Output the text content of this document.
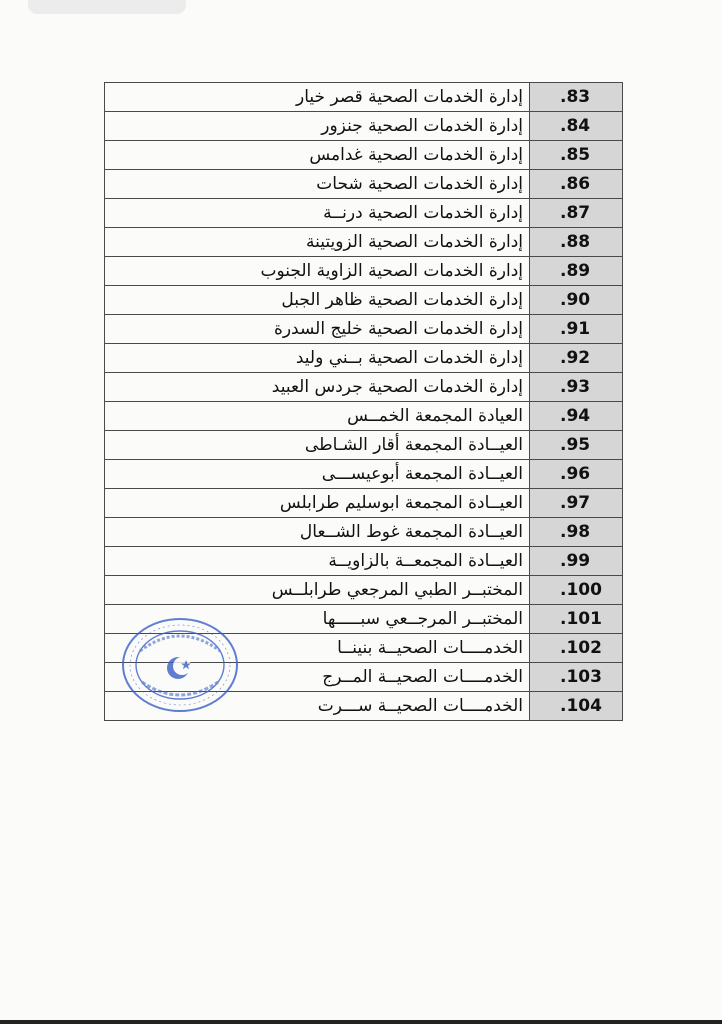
إدارة الخدمات الصحية قصر خيار	.83
إدارة الخدمات الصحية جنزور	.84
إدارة الخدمات الصحية غدامس	.85
إدارة الخدمات الصحية شحات	.86
إدارة الخدمات الصحية درنــة	.87
إدارة الخدمات الصحية الزويتينة	.88
إدارة الخدمات الصحية الزاوية الجنوب	.89
إدارة الخدمات الصحية ظاهر الجبل	.90
إدارة الخدمات الصحية خليج السدرة	.91
إدارة الخدمات الصحية بــني وليد	.92
إدارة الخدمات الصحية جردس العبيد	.93
العيادة المجمعة الخمــس	.94
العيــادة المجمعة أقار الشـاطى	.95
العيــادة المجمعة أبوعيســـى	.96
العيــادة المجمعة ابوسليم طرابلس	.97
العيــادة المجمعة غوط الشــعال	.98
العيــادة المجمعــة بالزاويــة	.99
المختبــر الطبي المرجعي طرابلــس	.100
المختبــر المرجــعي سبـــــها	.101
الخدمــــات الصحيــة بنينــا	.102
الخدمــــات الصحيــة المــرج	.103
الخدمــــات الصحيــة ســـرت	.104
